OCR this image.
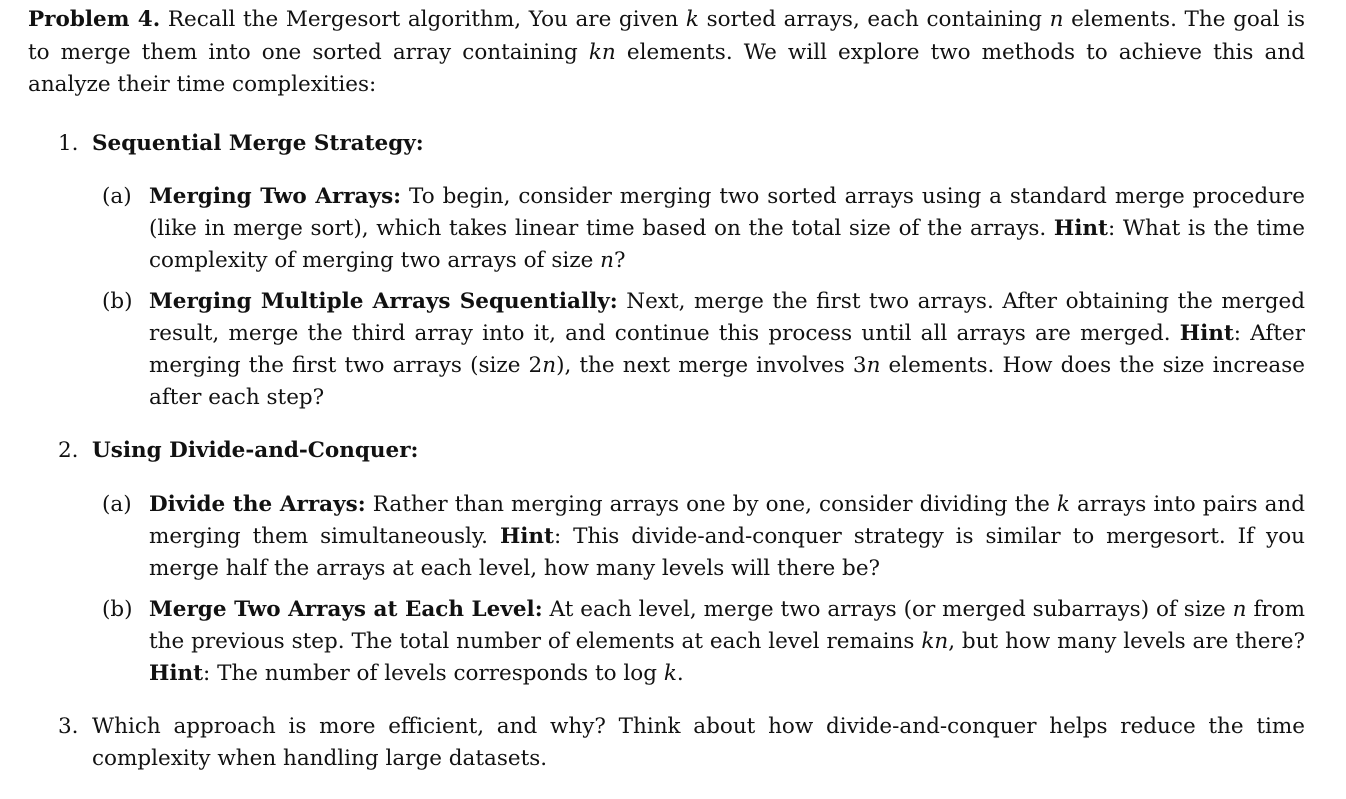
Problem 4. Recall the Mergesort algorithm, You are given k sorted arrays, each containing n elements. The goal is to merge them into one sorted array containing kn elements. We will explore two methods to achieve this and analyze their time complexities:

1. Sequential Merge Strategy:

(a) Merging Two Arrays: To begin, consider merging two sorted arrays using a standard merge procedure (like in merge sort), which takes linear time based on the total size of the arrays. Hint: What is the time complexity of merging two arrays of size n?

(b) Merging Multiple Arrays Sequentially: Next, merge the first two arrays. After obtaining the merged result, merge the third array into it, and continue this process until all arrays are merged. Hint: After merging the first two arrays (size 2n), the next merge involves 3n elements. How does the size increase after each step?

2. Using Divide-and-Conquer:

(a) Divide the Arrays: Rather than merging arrays one by one, consider dividing the k arrays into pairs and merging them simultaneously. Hint: This divide-and-conquer strategy is similar to mergesort. If you merge half the arrays at each level, how many levels will there be?

(b) Merge Two Arrays at Each Level: At each level, merge two arrays (or merged subarrays) of size n from the previous step. The total number of elements at each level remains kn, but how many levels are there? Hint: The number of levels corresponds to log k.

3. Which approach is more efficient, and why? Think about how divide-and-conquer helps reduce the time complexity when handling large datasets.
